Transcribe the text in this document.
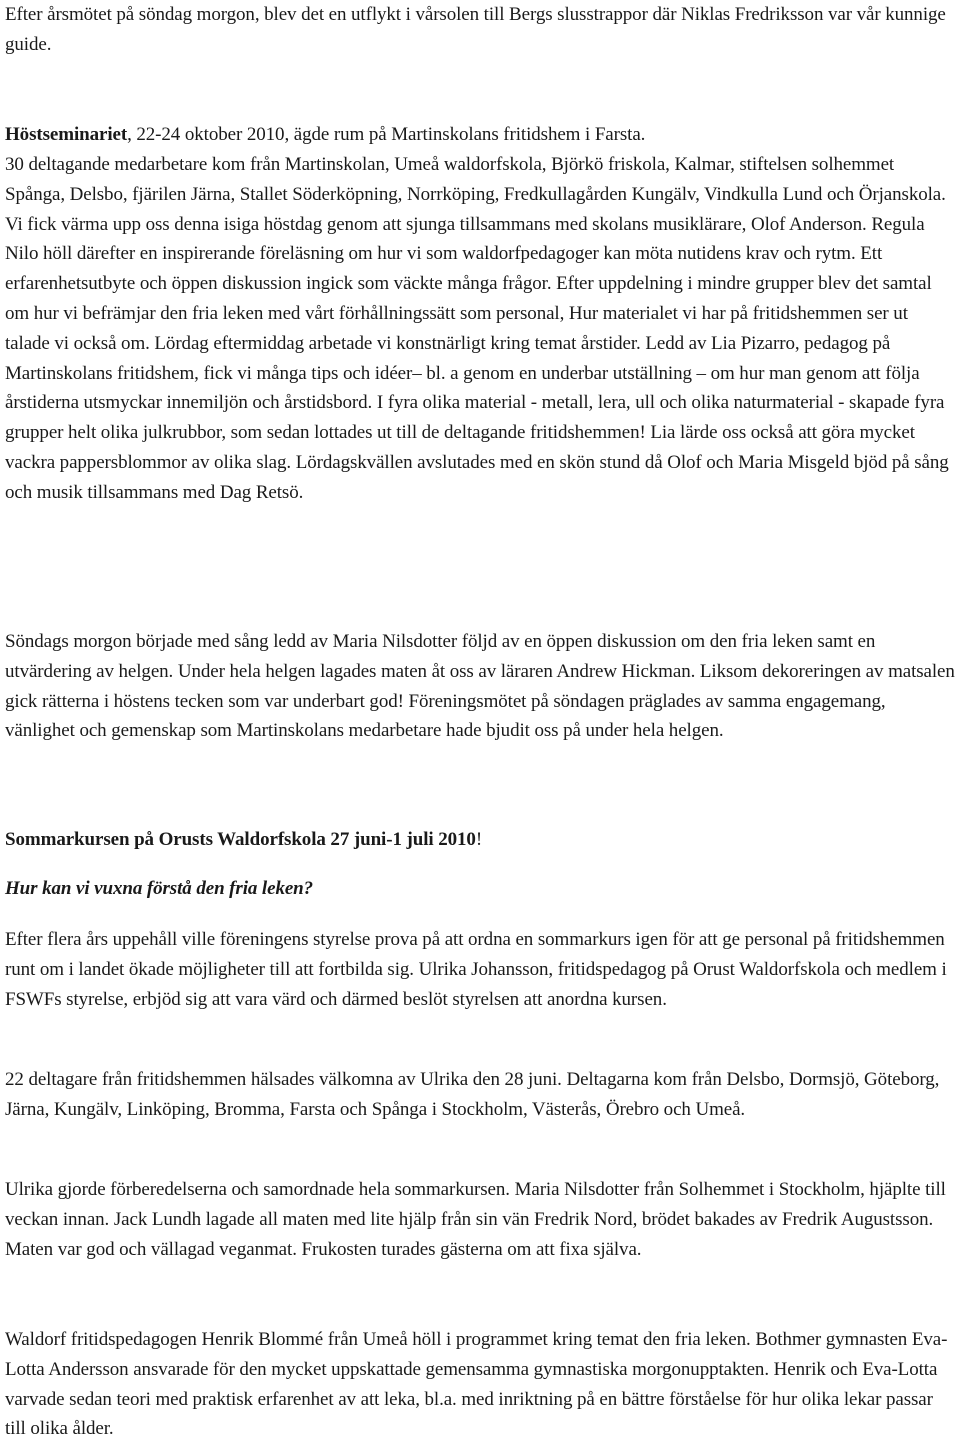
Efter årsmötet på söndag morgon, blev det en utflykt i vårsolen till Bergs slusstrappor där Niklas Fredriksson var vår kunnige guide.

Höstseminariet, 22-24 oktober 2010, ägde rum på Martinskolans fritidshem i Farsta.

30 deltagande medarbetare kom från Martinskolan, Umeå waldorfskola, Björkö friskola, Kalmar, stiftelsen solhemmet Spånga, Delsbo, fjärilen Järna, Stallet Söderköpning, Norrköping, Fredkullagården Kungälv, Vindkulla Lund och Örjanskola. Vi fick värma upp oss denna isiga höstdag genom att sjunga tillsammans med skolans musiklärare, Olof Anderson. Regula Nilo höll därefter en inspirerande föreläsning om hur vi som waldorfpedagoger kan möta nutidens krav och rytm. Ett erfarenhetsutbyte och öppen diskussion ingick som väckte många frågor. Efter uppdelning i mindre grupper blev det samtal om hur vi befrämjar den fria leken med vårt förhållningssätt som personal, Hur materialet vi har på fritidshemmen ser ut talade vi också om. Lördag eftermiddag arbetade vi konstnärligt kring temat årstider. Ledd av Lia Pizarro, pedagog på Martinskolans fritidshem, fick vi många tips och idéer– bl. a genom en underbar utställning – om hur man genom att följa årstiderna utsmyckar innemiljön och årstidsbord. I fyra olika material - metall, lera, ull och olika naturmaterial - skapade fyra grupper helt olika julkrubbor, som sedan lottades ut till de deltagande fritidshemmen! Lia lärde oss också att göra mycket vackra pappersblommor av olika slag. Lördagskvällen avslutades med en skön stund då Olof och Maria Misgeld bjöd på sång och musik tillsammans med Dag Retsö.

Söndags morgon började med sång ledd av Maria Nilsdotter följd av en öppen diskussion om den fria leken samt en utvärdering av helgen. Under hela helgen lagades maten åt oss av läraren Andrew Hickman. Liksom dekoreringen av matsalen gick rätterna i höstens tecken som var underbart god! Föreningsmötet på söndagen präglades av samma engagemang, vänlighet och gemenskap som Martinskolans medarbetare hade bjudit oss på under hela helgen.

Sommarkursen på Orusts Waldorfskola 27 juni-1 juli 2010!

Hur kan vi vuxna förstå den fria leken?

Efter flera års uppehåll ville föreningens styrelse prova på att ordna en sommarkurs igen för att ge personal på fritidshemmen runt om i landet ökade möjligheter till att fortbilda sig. Ulrika Johansson, fritidspedagog på Orust Waldorfskola och medlem i FSWFs styrelse, erbjöd sig att vara värd och därmed beslöt styrelsen att anordna kursen.

22 deltagare från fritidshemmen hälsades välkomna av Ulrika den 28 juni. Deltagarna kom från Delsbo, Dormsjö, Göteborg, Järna, Kungälv, Linköping, Bromma, Farsta och Spånga i Stockholm, Västerås, Örebro och Umeå.

Ulrika gjorde förberedelserna och samordnade hela sommarkursen. Maria Nilsdotter från Solhemmet i Stockholm, hjäplte till veckan innan. Jack Lundh lagade all maten med lite hjälp från sin vän Fredrik Nord, brödet bakades av Fredrik Augustsson. Maten var god och vällagad veganmat. Frukosten turades gästerna om att fixa själva.

Waldorf fritidspedagogen Henrik Blommé från Umeå höll i programmet kring temat den fria leken. Bothmer gymnasten Eva-Lotta Andersson ansvarade för den mycket uppskattade gemensamma gymnastiska morgonupptakten. Henrik och Eva-Lotta varvade sedan teori med praktisk erfarenhet av att leka, bl.a. med inriktning på en bättre förståelse för hur olika lekar passar till olika ålder.
